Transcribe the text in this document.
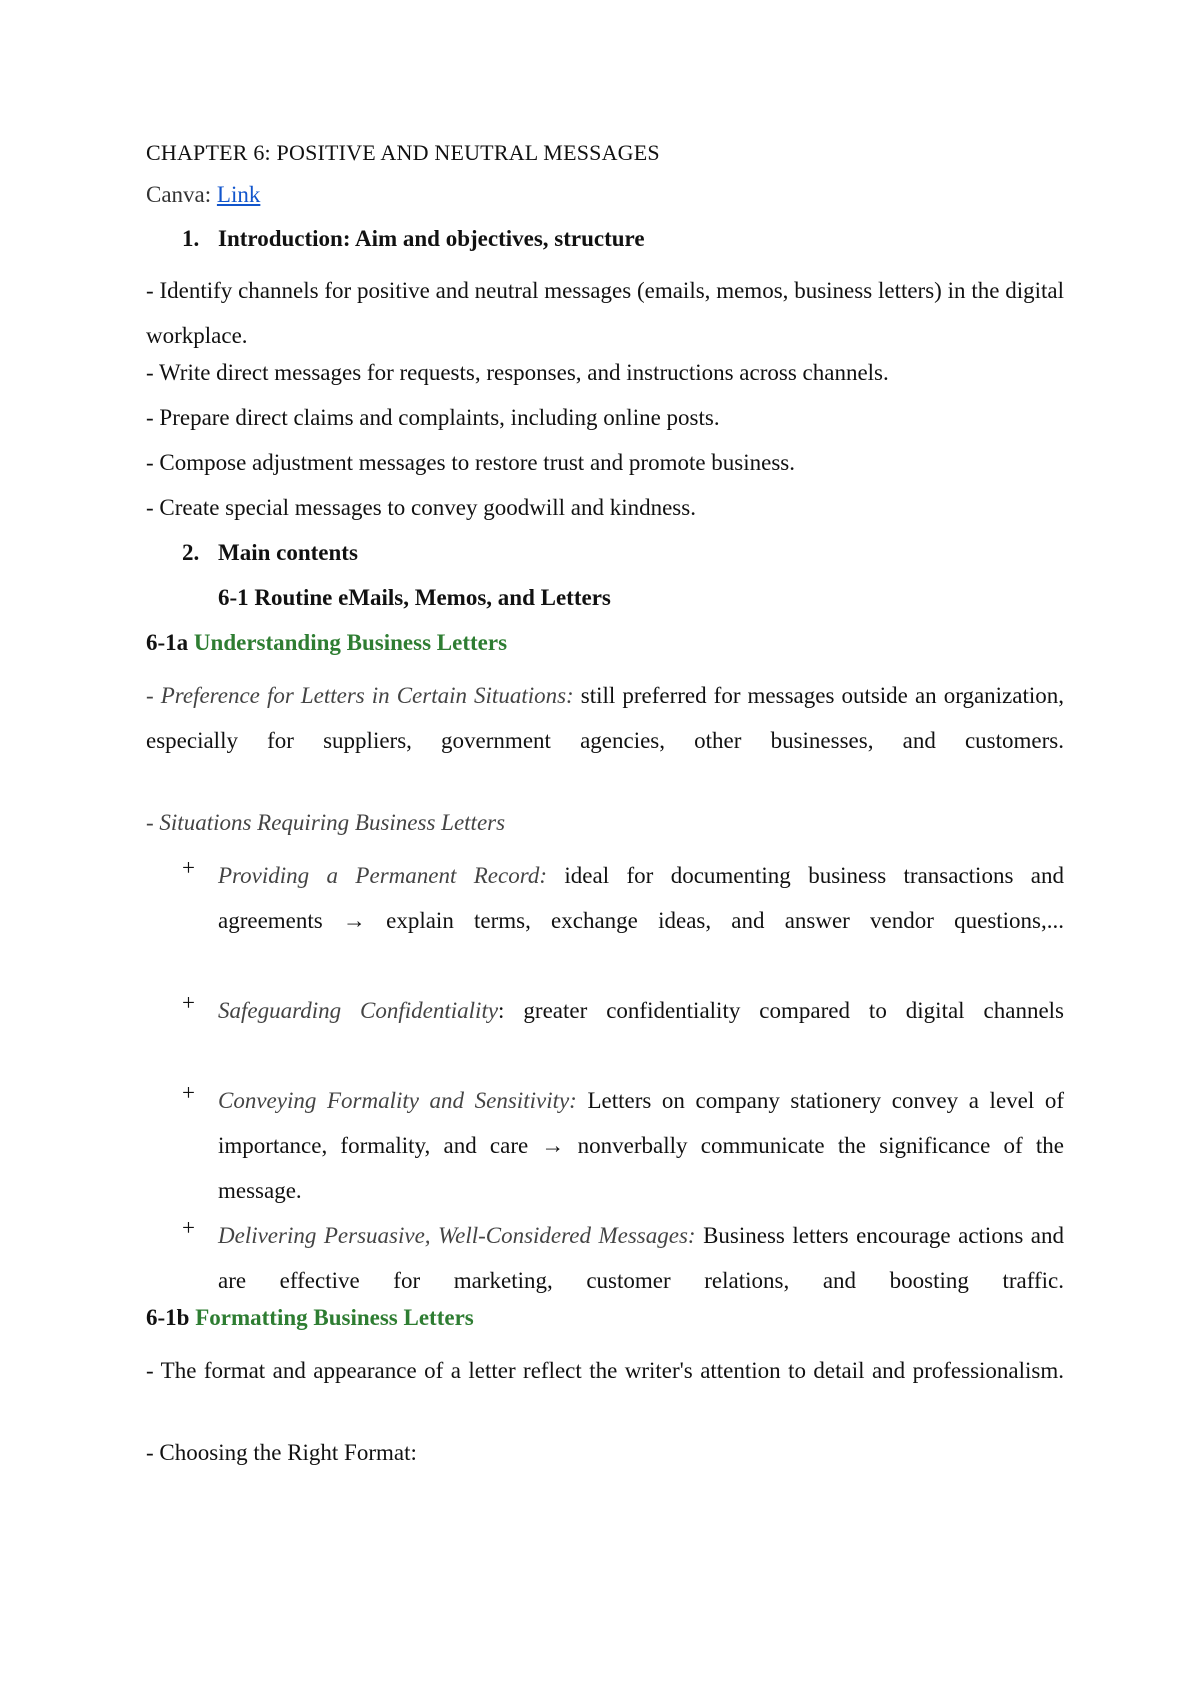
CHAPTER 6: POSITIVE AND NEUTRAL MESSAGES
Canva: Link
1. Introduction: Aim and objectives, structure
- Identify channels for positive and neutral messages (emails, memos, business letters) in the digital workplace.
- Write direct messages for requests, responses, and instructions across channels.
- Prepare direct claims and complaints, including online posts.
- Compose adjustment messages to restore trust and promote business.
- Create special messages to convey goodwill and kindness.
2. Main contents
6-1 Routine eMails, Memos, and Letters
6-1a Understanding Business Letters
- Preference for Letters in Certain Situations: still preferred for messages outside an organization, especially for suppliers, government agencies, other businesses, and customers.
- Situations Requiring Business Letters
+ Providing a Permanent Record: ideal for documenting business transactions and agreements → explain terms, exchange ideas, and answer vendor questions,...
+ Safeguarding Confidentiality: greater confidentiality compared to digital channels
+ Conveying Formality and Sensitivity: Letters on company stationery convey a level of importance, formality, and care → nonverbally communicate the significance of the message.
+ Delivering Persuasive, Well-Considered Messages: Business letters encourage actions and are effective for marketing, customer relations, and boosting traffic.
6-1b Formatting Business Letters
- The format and appearance of a letter reflect the writer's attention to detail and professionalism.
- Choosing the Right Format:
